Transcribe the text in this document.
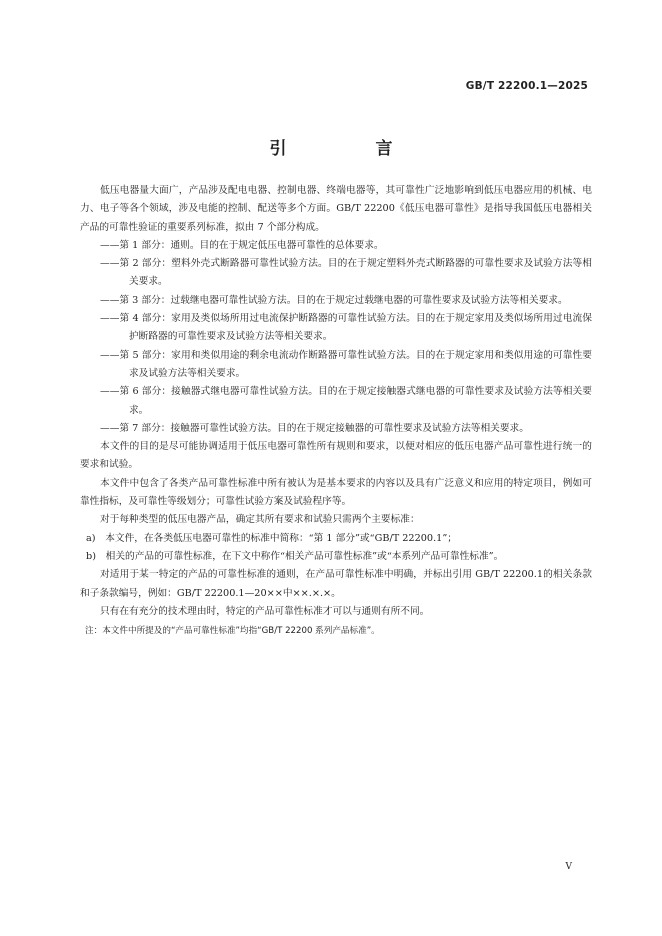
GB/T 22200.1—2025

引　言

低压电器量大面广，产品涉及配电电器、控制电器、终端电器等，其可靠性广泛地影响到低压电器应用的机械、电力、电子等各个领域，涉及电能的控制、配送等多个方面。GB/T 22200《低压电器可靠性》是指导我国低压电器相关产品的可靠性验证的重要系列标准，拟由 7 个部分构成。

——第 1 部分：通则。目的在于规定低压电器可靠性的总体要求。

——第 2 部分：塑料外壳式断路器可靠性试验方法。目的在于规定塑料外壳式断路器的可靠性要求及试验方法等相关要求。

——第 3 部分：过载继电器可靠性试验方法。目的在于规定过载继电器的可靠性要求及试验方法等相关要求。

——第 4 部分：家用及类似场所用过电流保护断路器的可靠性试验方法。目的在于规定家用及类似场所用过电流保护断路器的可靠性要求及试验方法等相关要求。

——第 5 部分：家用和类似用途的剩余电流动作断路器可靠性试验方法。目的在于规定家用和类似用途的可靠性要求及试验方法等相关要求。

——第 6 部分：接触器式继电器可靠性试验方法。目的在于规定接触器式继电器的可靠性要求及试验方法等相关要求。

——第 7 部分：接触器可靠性试验方法。目的在于规定接触器的可靠性要求及试验方法等相关要求。

本文件的目的是尽可能协调适用于低压电器可靠性所有规则和要求，以便对相应的低压电器产品可靠性进行统一的要求和试验。

本文件中包含了各类产品可靠性标准中所有被认为是基本要求的内容以及具有广泛意义和应用的特定项目，例如可靠性指标，及可靠性等级划分；可靠性试验方案及试验程序等。

对于每种类型的低压电器产品，确定其所有要求和试验只需两个主要标准：

a)　本文件，在各类低压电器可靠性的标准中简称：“第 1 部分”或“GB/T 22200.1”；

b)　相关的产品的可靠性标准，在下文中称作“相关产品可靠性标准”或“本系列产品可靠性标准”。

对适用于某一特定的产品的可靠性标准的通则，在产品可靠性标准中明确，并标出引用 GB/T 22200.1的相关条款和子条款编号，例如：GB/T 22200.1—20××中××.×.×。

只有在有充分的技术理由时，特定的产品可靠性标准才可以与通则有所不同。

注：本文件中所提及的“产品可靠性标准”均指“GB/T 22200 系列产品标准”。

V
